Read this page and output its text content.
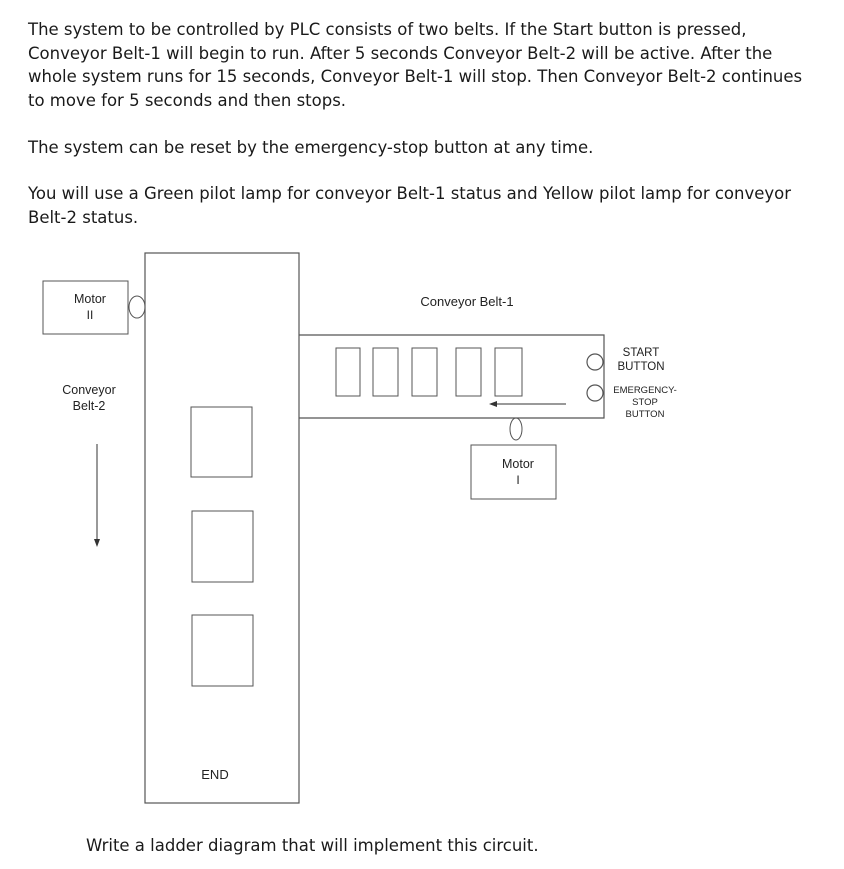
The system to be controlled by PLC consists of two belts. If the Start button is pressed, Conveyor Belt-1 will begin to run. After 5 seconds Conveyor Belt-2 will be active. After the whole system runs for 15 seconds, Conveyor Belt-1 will stop. Then Conveyor Belt-2 continues to move for 5 seconds and then stops.

The system can be reset by the emergency-stop button at any time.

You will use a Green pilot lamp for conveyor Belt-1 status and Yellow pilot lamp for conveyor Belt-2 status.

Motor
II
Conveyor
Belt-2
Conveyor Belt-1
START
BUTTON
EMERGENCY-
STOP
BUTTON
Motor
I
END

Write a ladder diagram that will implement this circuit.
